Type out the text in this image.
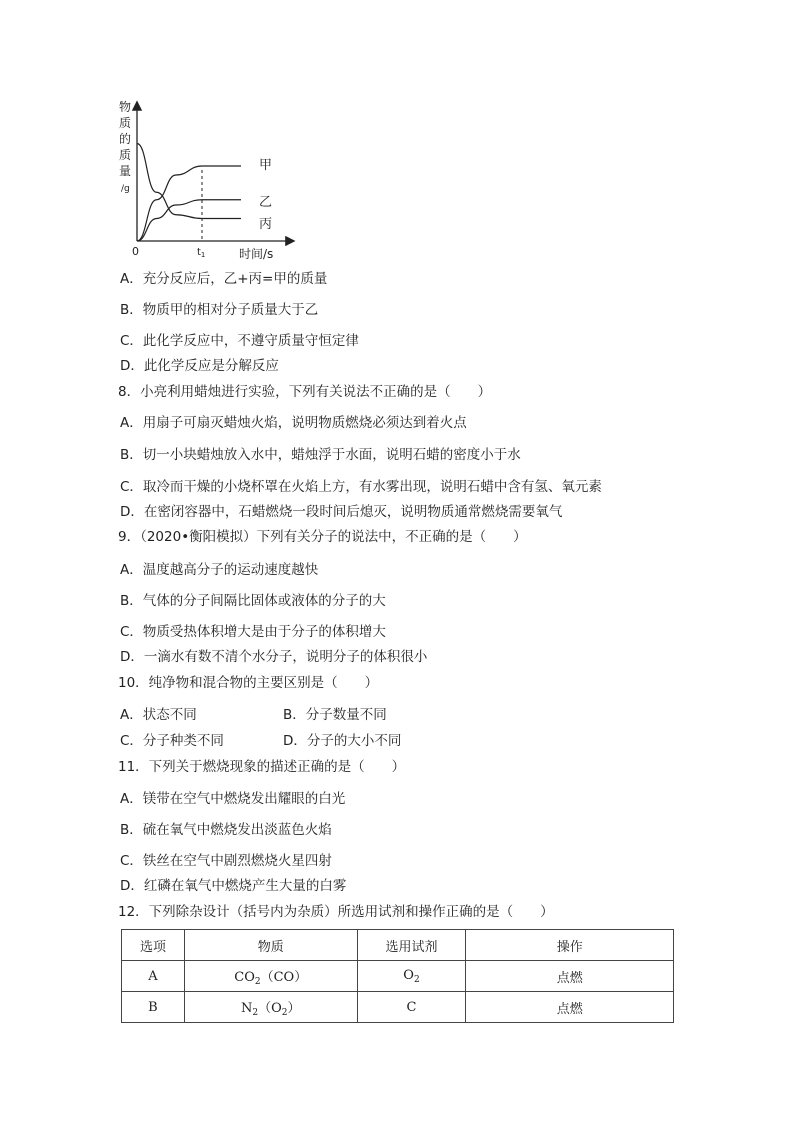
物
质
的
质
量
/g
0	$t_1$	时间/s
甲
乙
丙
A．充分反应后，乙+丙=甲的质量
B．物质甲的相对分子质量大于乙
C．此化学反应中，不遵守质量守恒定律
D．此化学反应是分解反应
8．小亮利用蜡烛进行实验，下列有关说法不正确的是（　　）
A．用扇子可扇灭蜡烛火焰，说明物质燃烧必须达到着火点
B．切一小块蜡烛放入水中，蜡烛浮于水面，说明石蜡的密度小于水
C．取冷而干燥的小烧杯罩在火焰上方，有水雾出现，说明石蜡中含有氢、氧元素
D．在密闭容器中，石蜡燃烧一段时间后熄灭，说明物质通常燃烧需要氧气
9．（2020•衡阳模拟）下列有关分子的说法中，不正确的是（　　）
A．温度越高分子的运动速度越快
B．气体的分子间隔比固体或液体的分子的大
C．物质受热体积增大是由于分子的体积增大
D．一滴水有数不清个水分子，说明分子的体积很小
10．纯净物和混合物的主要区别是（　　）
A．状态不同	B．分子数量不同
C．分子种类不同	D．分子的大小不同
11．下列关于燃烧现象的描述正确的是（　　）
A．镁带在空气中燃烧发出耀眼的白光
B．硫在氧气中燃烧发出淡蓝色火焰
C．铁丝在空气中剧烈燃烧火星四射
D．红磷在氧气中燃烧产生大量的白雾
12．下列除杂设计（括号内为杂质）所选用试剂和操作正确的是（　　）
选项	物质	选用试剂	操作
A	$CO_2(CO)$	$O_2$	点燃
B	$N_2(O_2)$	C	点燃
